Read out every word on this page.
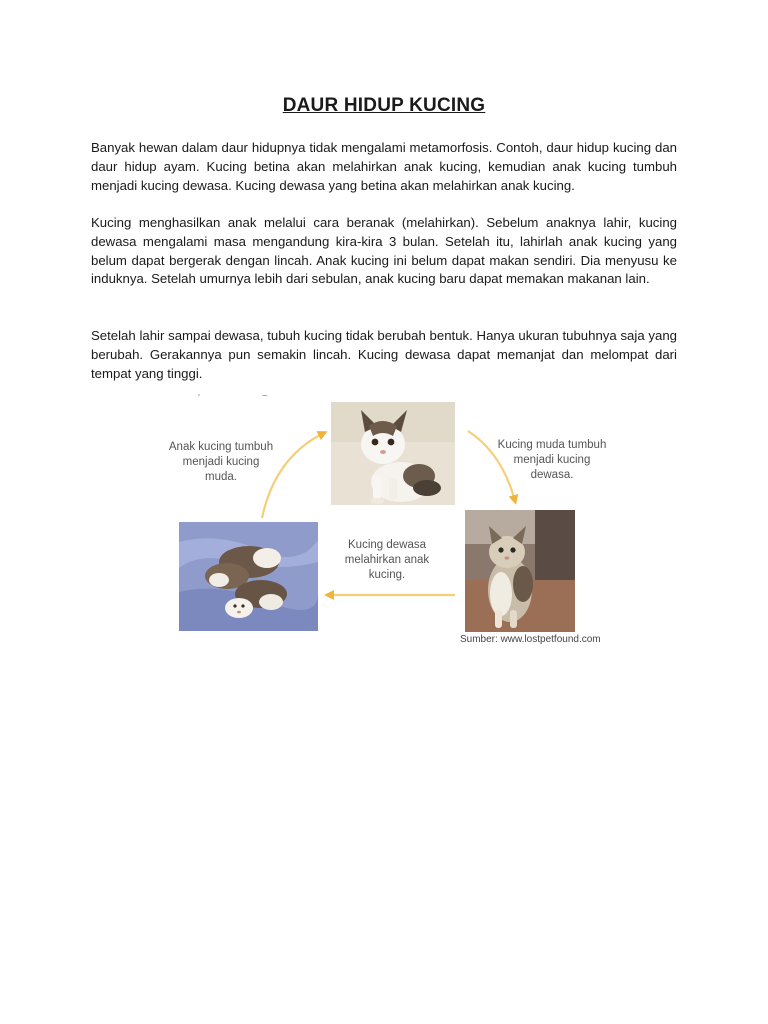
DAUR HIDUP KUCING

Banyak hewan dalam daur hidupnya tidak mengalami metamorfosis. Contoh, daur hidup kucing dan daur hidup ayam. Kucing betina akan melahirkan anak kucing, kemudian anak kucing tumbuh menjadi kucing dewasa. Kucing dewasa yang betina akan melahirkan anak kucing.

Kucing menghasilkan anak melalui cara beranak (melahirkan). Sebelum anaknya lahir, kucing dewasa mengalami masa mengandung kira-kira 3 bulan. Setelah itu, lahirlah anak kucing yang belum dapat bergerak dengan lincah. Anak kucing ini belum dapat makan sendiri. Dia menyusu ke induknya. Setelah umurnya lebih dari sebulan, anak kucing baru dapat memakan makanan lain.

Setelah lahir sampai dewasa, tubuh kucing tidak berubah bentuk. Hanya ukuran tubuhnya saja yang berubah. Gerakannya pun semakin lincah. Kucing dewasa dapat memanjat dan melompat dari tempat yang tinggi.

'	~
Anak kucing tumbuh
menjadi kucing
muda.
Kucing muda tumbuh
menjadi kucing
dewasa.
Kucing dewasa
melahirkan anak
kucing.
Sumber: www.lostpetfound.com
